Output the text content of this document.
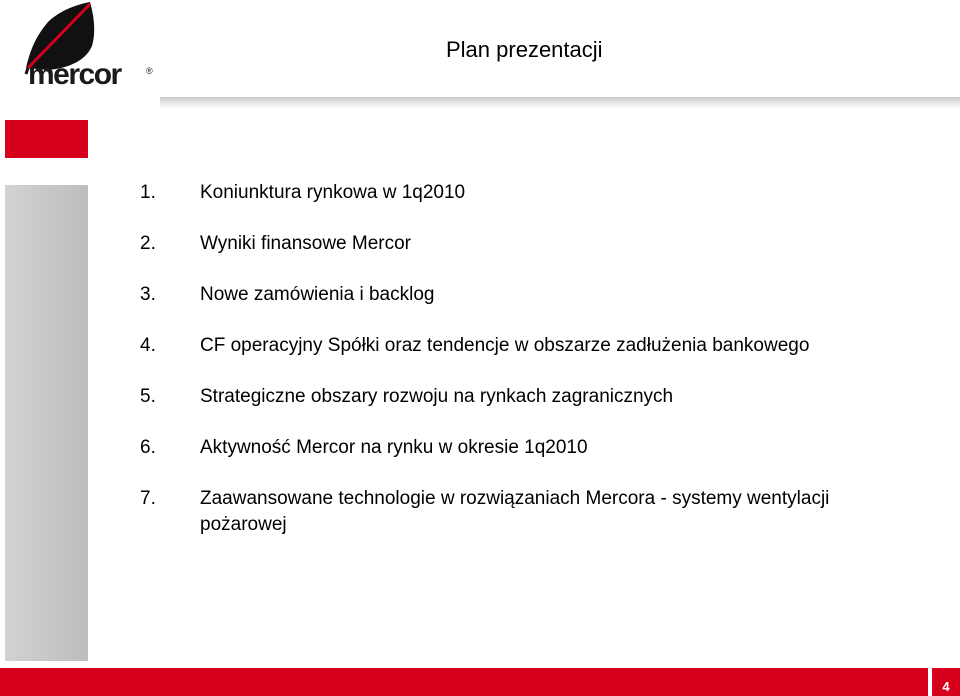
mercor	®
Plan prezentacji
1.	Koniunktura rynkowa w 1q2010
2.	Wyniki finansowe Mercor
3.	Nowe zamówienia i backlog
4.	CF operacyjny Spółki oraz tendencje w obszarze zadłużenia bankowego
5.	Strategiczne obszary rozwoju na rynkach zagranicznych
6.	Aktywność Mercor na rynku w okresie 1q2010
7.	Zaawansowane technologie w rozwiązaniach Mercora - systemy wentylacji pożarowej
4
